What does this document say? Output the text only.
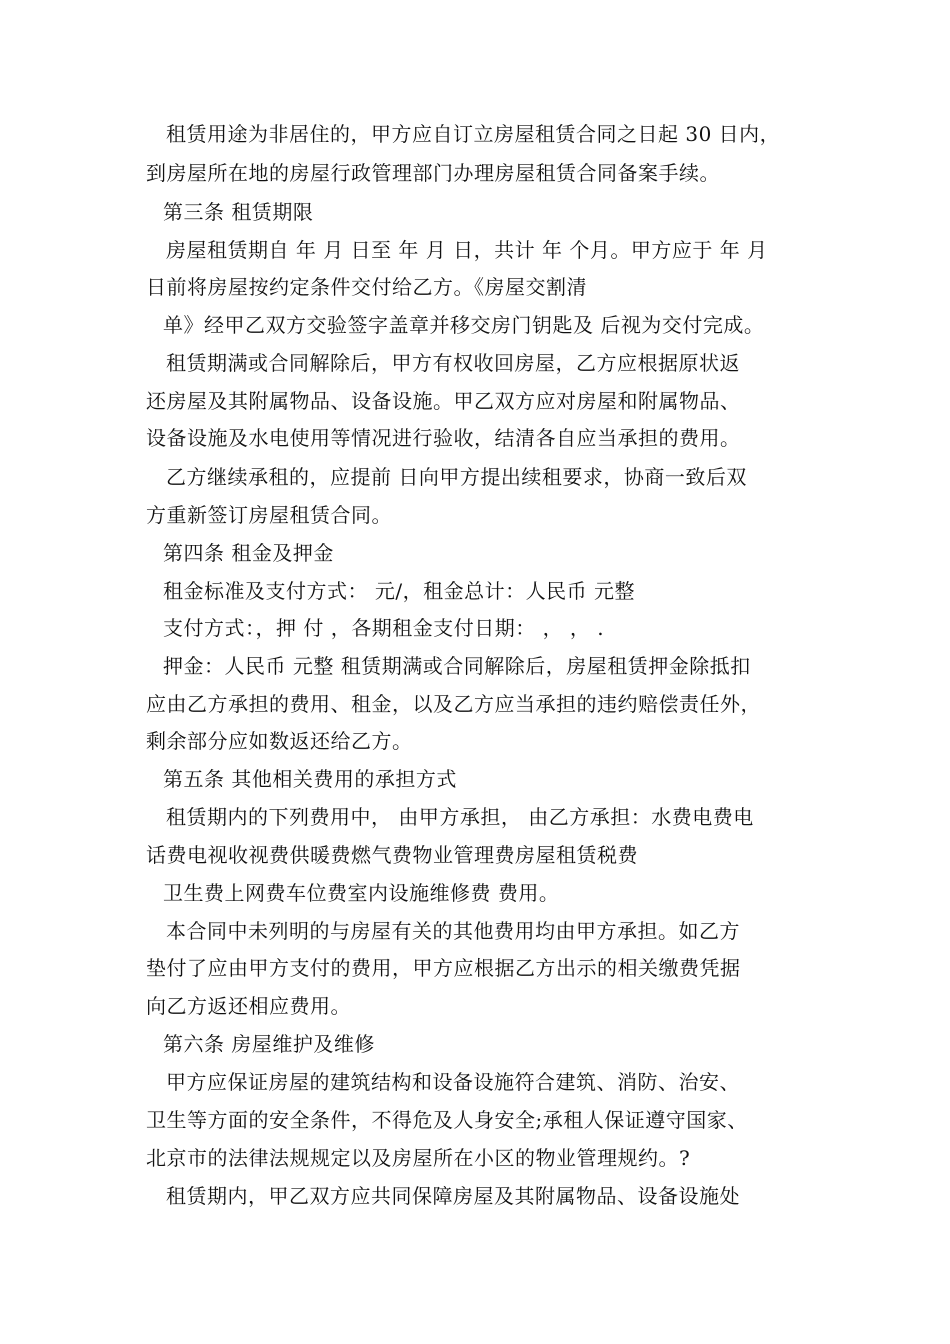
租赁用途为非居住的，甲方应自订立房屋租赁合同之日起 30 日内，
到房屋所在地的房屋行政管理部门办理房屋租赁合同备案手续。
第三条 租赁期限
房屋租赁期自 年 月 日至 年 月 日，共计 年 个月。甲方应于 年 月
日前将房屋按约定条件交付给乙方。《房屋交割清
单》经甲乙双方交验签字盖章并移交房门钥匙及 后视为交付完成。
租赁期满或合同解除后，甲方有权收回房屋，乙方应根据原状返
还房屋及其附属物品、设备设施。甲乙双方应对房屋和附属物品、
设备设施及水电使用等情况进行验收，结清各自应当承担的费用。
乙方继续承租的，应提前 日向甲方提出续租要求，协商一致后双
方重新签订房屋租赁合同。
第四条 租金及押金
租金标准及支付方式： 元/，租金总计：人民币 元整
支付方式：，押 付 ，各期租金支付日期： ， ， .
押金：人民币 元整 租赁期满或合同解除后，房屋租赁押金除抵扣
应由乙方承担的费用、租金，以及乙方应当承担的违约赔偿责任外，
剩余部分应如数返还给乙方。
第五条 其他相关费用的承担方式
租赁期内的下列费用中， 由甲方承担， 由乙方承担：水费电费电
话费电视收视费供暖费燃气费物业管理费房屋租赁税费
卫生费上网费车位费室内设施维修费 费用。
本合同中未列明的与房屋有关的其他费用均由甲方承担。如乙方
垫付了应由甲方支付的费用，甲方应根据乙方出示的相关缴费凭据
向乙方返还相应费用。
第六条 房屋维护及维修
甲方应保证房屋的建筑结构和设备设施符合建筑、消防、治安、
卫生等方面的安全条件，不得危及人身安全;承租人保证遵守国家、
北京市的法律法规规定以及房屋所在小区的物业管理规约。?
租赁期内，甲乙双方应共同保障房屋及其附属物品、设备设施处
